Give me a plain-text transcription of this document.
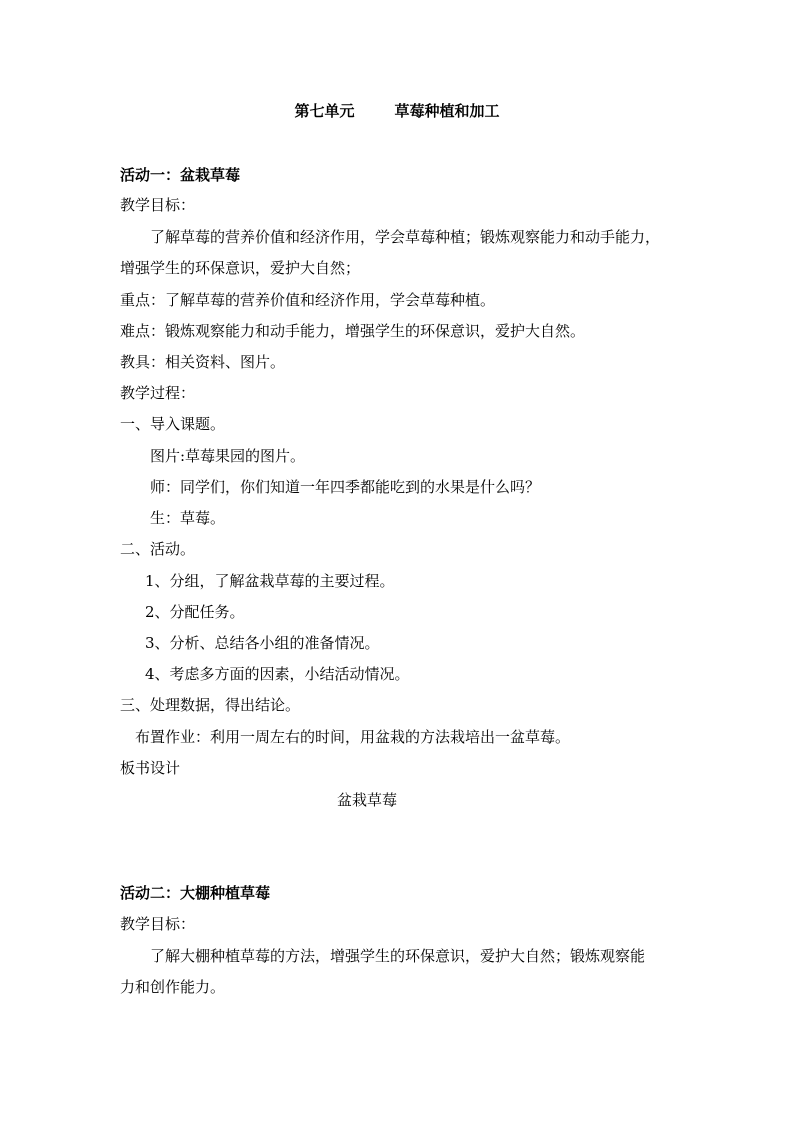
第七单元	草莓种植和加工
活动一：盆栽草莓
教学目标：
了解草莓的营养价值和经济作用，学会草莓种植；锻炼观察能力和动手能力，
增强学生的环保意识，爱护大自然；
重点：了解草莓的营养价值和经济作用，学会草莓种植。
难点：锻炼观察能力和动手能力，增强学生的环保意识，爱护大自然。
教具：相关资料、图片。
教学过程：
一、导入课题。
图片:草莓果园的图片。
师：同学们，你们知道一年四季都能吃到的水果是什么吗？
生：草莓。
二、活动。
1、分组，了解盆栽草莓的主要过程。
2、分配任务。
3、分析、总结各小组的准备情况。
4、考虑多方面的因素，小结活动情况。
三、处理数据，得出结论。
布置作业：利用一周左右的时间，用盆栽的方法栽培出一盆草莓。
板书设计
盆栽草莓
活动二：大棚种植草莓
教学目标：
了解大棚种植草莓的方法，增强学生的环保意识，爱护大自然；锻炼观察能
力和创作能力。
